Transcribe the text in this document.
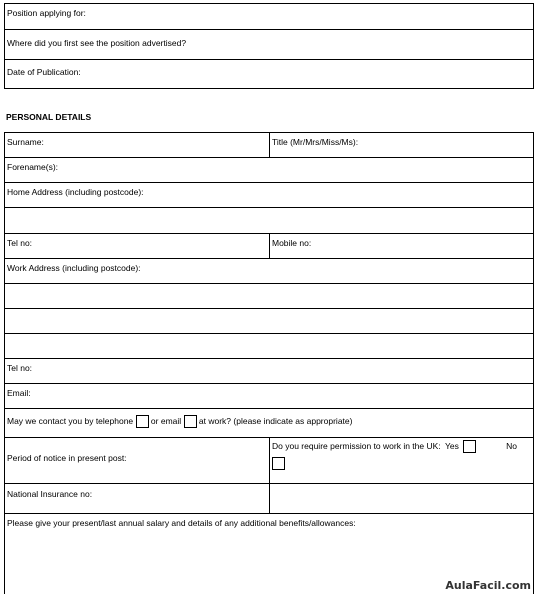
Position applying for:
Where did you first see the position advertised?
Date of Publication:
PERSONAL DETAILS
Surname:	Title (Mr/Mrs/Miss/Ms):
Forename(s):
Home Address (including postcode):
Tel no:	Mobile no:
Work Address (including postcode):
Tel no:
Email:
May we contact you by telephone or email at work? (please indicate as appropriate)
Period of notice in present post:
Do you require permission to work in the UK: Yes	No
National Insurance no:
Please give your present/last annual salary and details of any additional benefits/allowances:
AulaFacil.com
